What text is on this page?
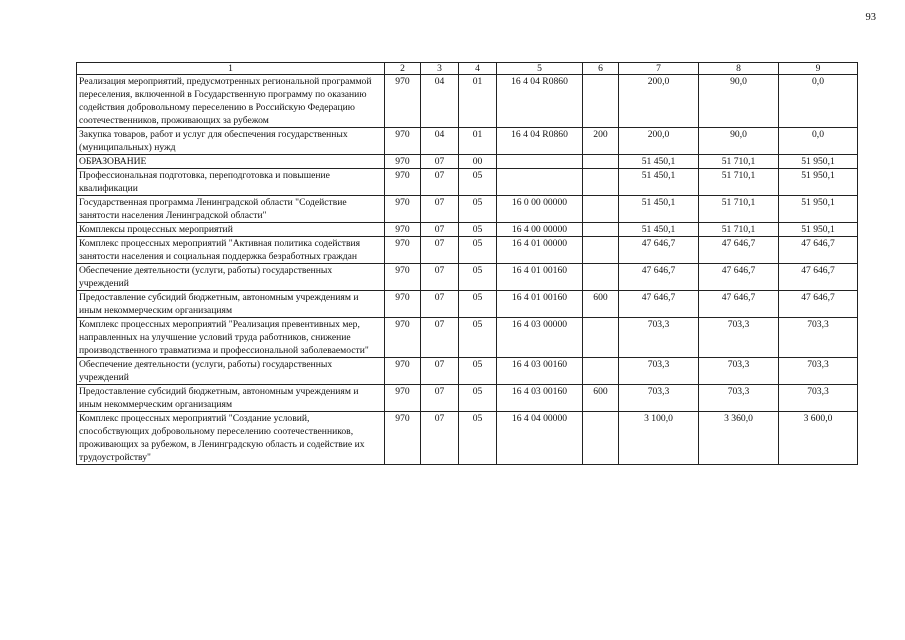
93
1	2	3	4	5	6	7	8	9
Реализация мероприятий, предусмотренных региональной программой переселения, включенной в Государственную программу по оказанию содействия добровольному переселению в Российскую Федерацию соотечественников, проживающих за рубежом	970	04	01	16 4 04 R0860		200,0	90,0	0,0
Закупка товаров, работ и услуг для обеспечения государственных (муниципальных) нужд	970	04	01	16 4 04 R0860	200	200,0	90,0	0,0
ОБРАЗОВАНИЕ	970	07	00			51 450,1	51 710,1	51 950,1
Профессиональная подготовка, переподготовка и повышение квалификации	970	07	05			51 450,1	51 710,1	51 950,1
Государственная программа Ленинградской области "Содействие занятости населения Ленинградской области"	970	07	05	16 0 00 00000		51 450,1	51 710,1	51 950,1
Комплексы процессных мероприятий	970	07	05	16 4 00 00000		51 450,1	51 710,1	51 950,1
Комплекс процессных мероприятий "Активная политика содействия занятости населения и социальная поддержка безработных граждан	970	07	05	16 4 01 00000		47 646,7	47 646,7	47 646,7
Обеспечение деятельности (услуги, работы) государственных учреждений	970	07	05	16 4 01 00160		47 646,7	47 646,7	47 646,7
Предоставление субсидий бюджетным, автономным учреждениям и иным некоммерческим организациям	970	07	05	16 4 01 00160	600	47 646,7	47 646,7	47 646,7
Комплекс процессных мероприятий "Реализация превентивных мер, направленных на улучшение условий труда работников, снижение производственного травматизма и профессиональной заболеваемости"	970	07	05	16 4 03 00000		703,3	703,3	703,3
Обеспечение деятельности (услуги, работы) государственных учреждений	970	07	05	16 4 03 00160		703,3	703,3	703,3
Предоставление субсидий бюджетным, автономным учреждениям и иным некоммерческим организациям	970	07	05	16 4 03 00160	600	703,3	703,3	703,3
Комплекс процессных мероприятий "Создание условий, способствующих добровольному переселению соотечественников, проживающих за рубежом, в Ленинградскую область и содействие их трудоустройству"	970	07	05	16 4 04 00000		3 100,0	3 360,0	3 600,0
